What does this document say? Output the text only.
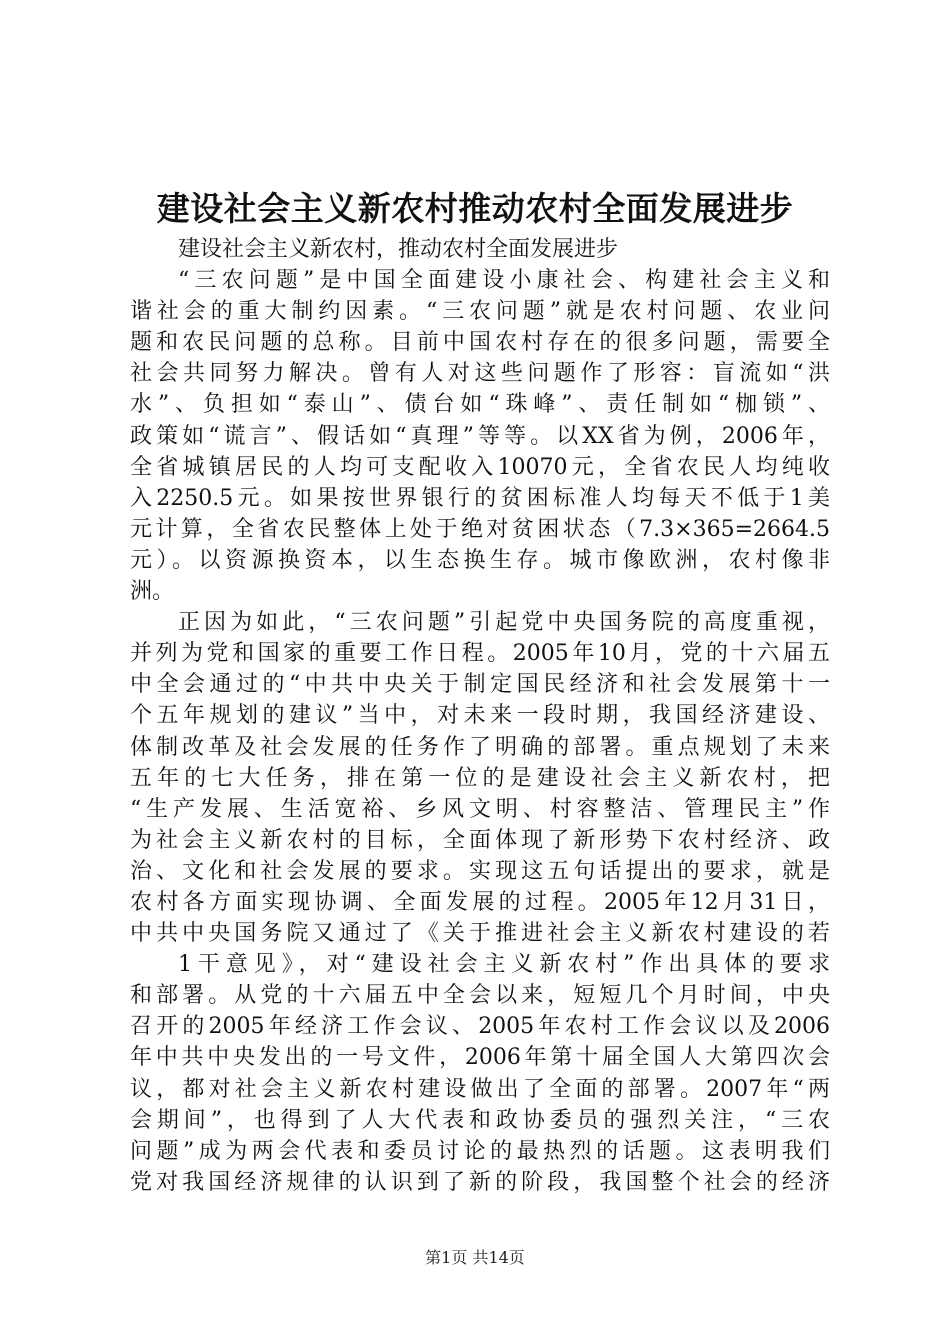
建设社会主义新农村推动农村全面发展进步
建设社会主义新农村，推动农村全面发展进步
“三农问题”是中国全面建设小康社会、构建社会主义和
谐社会的重大制约因素。“三农问题”就是农村问题、农业问
题和农民问题的总称。目前中国农村存在的很多问题，需要全
社会共同努力解决。曾有人对这些问题作了形容：盲流如“洪
水”、负担如“泰山”、债台如“珠峰”、责任制如“枷锁”、
政策如“谎言”、假话如“真理”等等。以XX省为例，2006年，
全省城镇居民的人均可支配收入10070元，全省农民人均纯收
入2250.5元。如果按世界银行的贫困标准人均每天不低于1美
元计算，全省农民整体上处于绝对贫困状态（7.3×365=2664.5
元）。以资源换资本，以生态换生存。城市像欧洲，农村像非
洲。
正因为如此，“三农问题”引起党中央国务院的高度重视，
并列为党和国家的重要工作日程。2005年10月，党的十六届五
中全会通过的“中共中央关于制定国民经济和社会发展第十一
个五年规划的建议”当中，对未来一段时期，我国经济建设、
体制改革及社会发展的任务作了明确的部署。重点规划了未来
五年的七大任务，排在第一位的是建设社会主义新农村，把
“生产发展、生活宽裕、乡风文明、村容整洁、管理民主”作
为社会主义新农村的目标，全面体现了新形势下农村经济、政
治、文化和社会发展的要求。实现这五句话提出的要求，就是
农村各方面实现协调、全面发展的过程。2005年12月31日，
中共中央国务院又通过了《关于推进社会主义新农村建设的若
1干意见》，对“建设社会主义新农村”作出具体的要求
和部署。从党的十六届五中全会以来，短短几个月时间，中央
召开的2005年经济工作会议、2005年农村工作会议以及2006
年中共中央发出的一号文件，2006年第十届全国人大第四次会
议，都对社会主义新农村建设做出了全面的部署。2007年“两
会期间”，也得到了人大代表和政协委员的强烈关注，“三农
问题”成为两会代表和委员讨论的最热烈的话题。这表明我们
党对我国经济规律的认识到了新的阶段，我国整个社会的经济
第1页 共14页
